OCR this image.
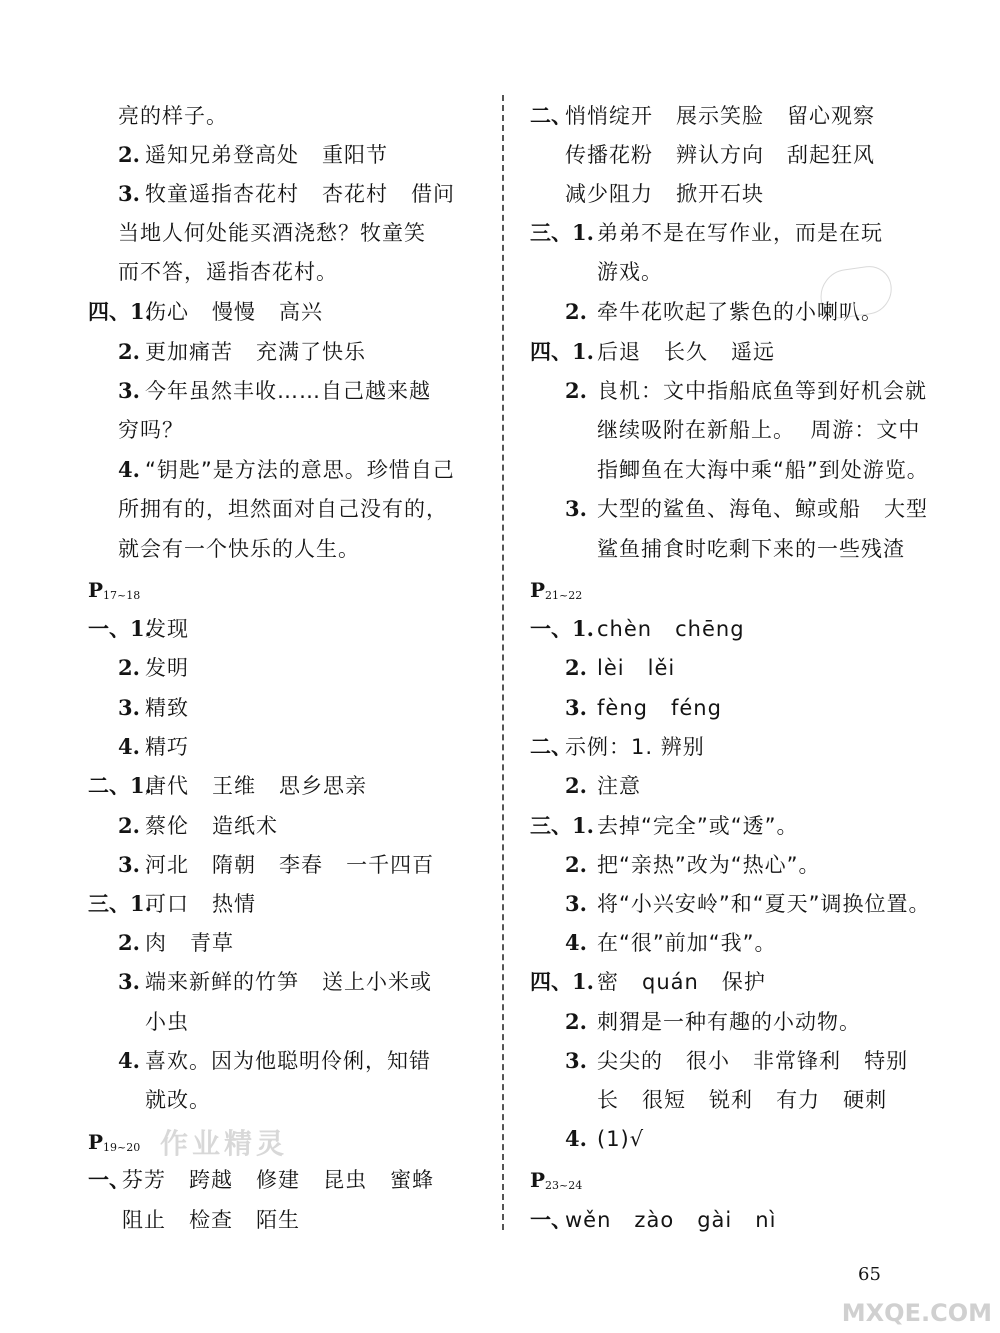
亮的样子。
2. 遥知兄弟登高处   重阳节
3. 牧童遥指杏花村   杏花村   借问
当地人何处能买酒浇愁？牧童笑
而不答，遥指杏花村。
四、1.
伤心   慢慢   高兴
2. 更加痛苦   充满了快乐
3. 今年虽然丰收……自己越来越
穷吗？
4. “钥匙”是方法的意思。珍惜自己
所拥有的，坦然面对自己没有的，
就会有一个快乐的人生。
$P_{17\sim 18}$
一、1.
发现
2. 发明
3. 精致
4. 精巧
二、1.
唐代   王维   思乡思亲
2. 蔡伦   造纸术
3. 河北   隋朝   李春   一千四百
三、1.
可口   热情
2. 肉   青草
3. 端来新鲜的竹笋   送上小米或
小虫
4. 喜欢。因为他聪明伶俐，知错
就改。
$P_{19\sim 20}$ 作业精灵
一、
芬芳   跨越   修建   昆虫   蜜蜂
阻止   检查   陌生
二、
悄悄绽开   展示笑脸   留心观察
传播花粉   辨认方向   刮起狂风
减少阻力   掀开石块
三、1. 弟弟不是在写作业，而是在玩
游戏。
2. 牵牛花吹起了紫色的小喇叭。
四、1. 后退   长久   遥远
2. 良机：文中指船底鱼等到好机会就
继续吸附在新船上。  周游：文中
指鲫鱼在大海中乘“船”到处游览。
3. 大型的鲨鱼、海龟、鲸或船   大型
鲨鱼捕食时吃剩下来的一些残渣
$P_{21\sim 22}$
一、1. chèn   chēng
2. lèi   lěi
3. fèng   féng
二、
示例：1. 辨别
2. 注意
三、1. 去掉“完全”或“透”。
2. 把“亲热”改为“热心”。
3. 将“小兴安岭”和“夏天”调换位置。
4. 在“很”前加“我”。
四、1. 密   quán   保护
2. 刺猬是一种有趣的小动物。
3. 尖尖的   很小   非常锋利   特别
长   很短   锐利   有力   硬刺
4. (1)√
$P_{23\sim 24}$
一、
wěn   zào   gài   nì
65
MXQE.COM
